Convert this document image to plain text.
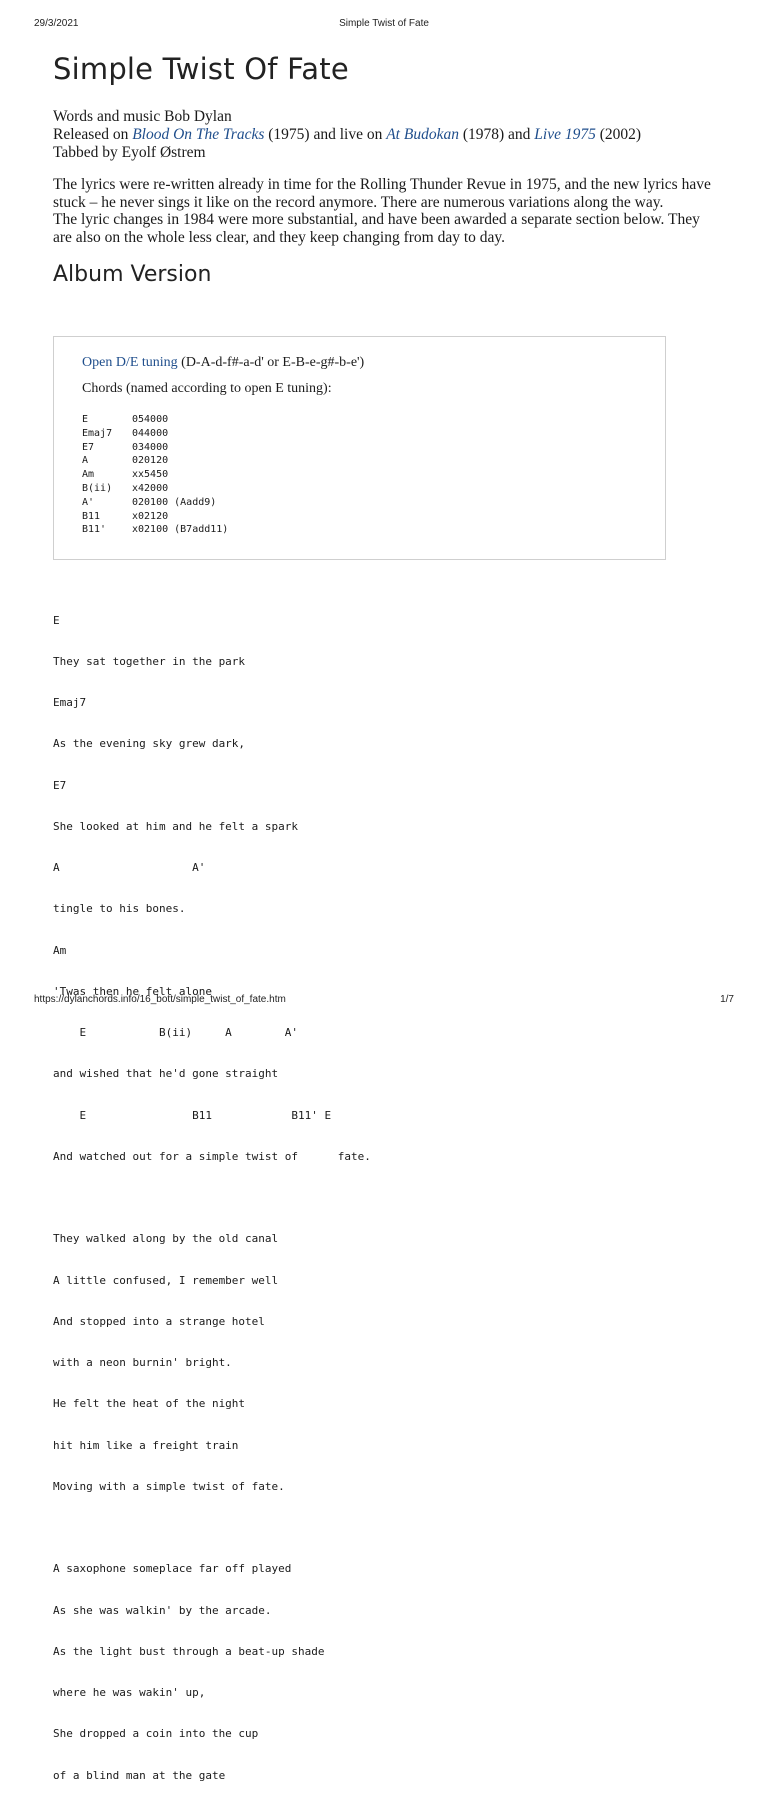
29/3/2021	Simple Twist of Fate
Simple Twist Of Fate
Words and music Bob Dylan
Released on Blood On The Tracks (1975) and live on At Budokan (1978) and Live 1975 (2002)
Tabbed by Eyolf Østrem

The lyrics were re-written already in time for the Rolling Thunder Revue in 1975, and the new lyrics have stuck – he never sings it like on the record anymore. There are numerous variations along the way.

The lyric changes in 1984 were more substantial, and have been awarded a separate section below. They are also on the whole less clear, and they keep changing from day to day.

Album Version
Open D/E tuning (D-A-d-f#-a-d' or E-B-e-g#-b-e')
Chords (named according to open E tuning):
E	054000
Emaj7	044000
E7	034000
A	020120
Am	xx5450
B(ii)	x42000
A'	020100 (Aadd9)
B11	x02120
B11'	x02100 (B7add11)

E

They sat together in the park

Emaj7

As the evening sky grew dark,

E7

She looked at him and he felt a spark

A                    A'

tingle to his bones.

Am

'Twas then he felt alone

E           B(ii)     A        A'

and wished that he'd gone straight

E                B11            B11' E

And watched out for a simple twist of      fate.

They walked along by the old canal

A little confused, I remember well

And stopped into a strange hotel

with a neon burnin' bright.

He felt the heat of the night

hit him like a freight train

Moving with a simple twist of fate.

A saxophone someplace far off played

As she was walkin' by the arcade.

As the light bust through a beat-up shade

where he was wakin' up,

She dropped a coin into the cup

of a blind man at the gate

https://dylanchords.info/16_bott/simple_twist_of_fate.htm	1/7
